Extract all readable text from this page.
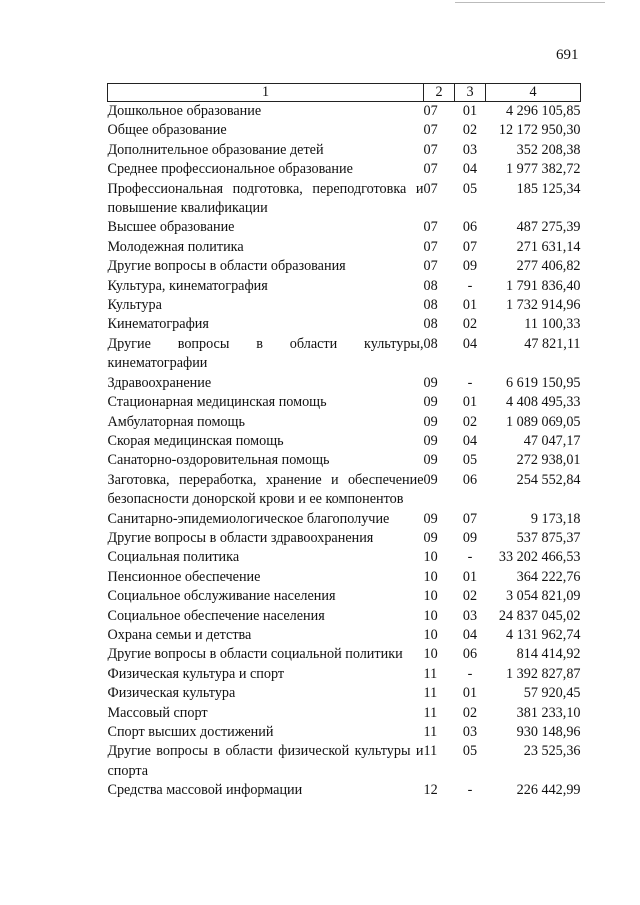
691
1	2	3	4
Дошкольное образование	07	01	4 296 105,85
Общее образование	07	02	12 172 950,30
Дополнительное образование детей	07	03	352 208,38
Среднее профессиональное образование	07	04	1 977 382,72
Профессиональная подготовка, переподготовка и повышение квалификации	07	05	185 125,34
Высшее образование	07	06	487 275,39
Молодежная политика	07	07	271 631,14
Другие вопросы в области образования	07	09	277 406,82
Культура, кинематография	08	-	1 791 836,40
Культура	08	01	1 732 914,96
Кинематография	08	02	11 100,33
Другие вопросы в области культуры, кинематографии	08	04	47 821,11
Здравоохранение	09	-	6 619 150,95
Стационарная медицинская помощь	09	01	4 408 495,33
Амбулаторная помощь	09	02	1 089 069,05
Скорая медицинская помощь	09	04	47 047,17
Санаторно-оздоровительная помощь	09	05	272 938,01
Заготовка, переработка, хранение и обеспечение безопасности донорской крови и ее компонентов	09	06	254 552,84
Санитарно-эпидемиологическое благополучие	09	07	9 173,18
Другие вопросы в области здравоохранения	09	09	537 875,37
Социальная политика	10	-	33 202 466,53
Пенсионное обеспечение	10	01	364 222,76
Социальное обслуживание населения	10	02	3 054 821,09
Социальное обеспечение населения	10	03	24 837 045,02
Охрана семьи и детства	10	04	4 131 962,74
Другие вопросы в области социальной политики	10	06	814 414,92
Физическая культура и спорт	11	-	1 392 827,87
Физическая культура	11	01	57 920,45
Массовый спорт	11	02	381 233,10
Спорт высших достижений	11	03	930 148,96
Другие вопросы в области физической культуры и спорта	11	05	23 525,36
Средства массовой информации	12	-	226 442,99
